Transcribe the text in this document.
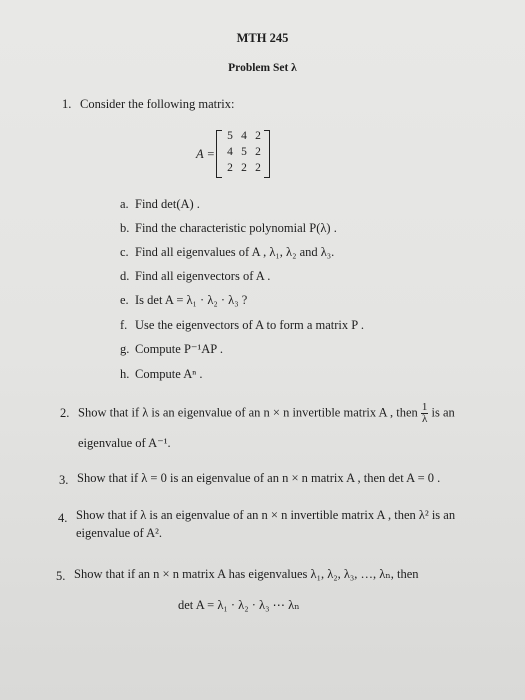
MTH 245
Problem Set λ
1. Consider the following matrix:
A =
5 4 2
4 5 2
2 2 2
a. Find det(A) .
b. Find the characteristic polynomial P(λ) .
c. Find all eigenvalues of A , λ₁, λ₂ and λ₃.
d. Find all eigenvectors of A .
e. Is det A = λ₁ · λ₂ · λ₃ ?
f. Use the eigenvectors of A to form a matrix P .
g. Compute P⁻¹AP .
h. Compute Aⁿ .
2. Show that if λ is an eigenvalue of an n × n invertible matrix A , then $\frac{1}{\lambda}$ is an
eigenvalue of A⁻¹.
3. Show that if λ = 0 is an eigenvalue of an n × n matrix A , then det A = 0 .
4. Show that if λ is an eigenvalue of an n × n invertible matrix A , then λ² is an
eigenvalue of A².
5. Show that if an n × n matrix A has eigenvalues λ₁, λ₂, λ₃, …, λₙ, then
det A = λ₁ · λ₂ · λ₃ ⋯ λₙ
